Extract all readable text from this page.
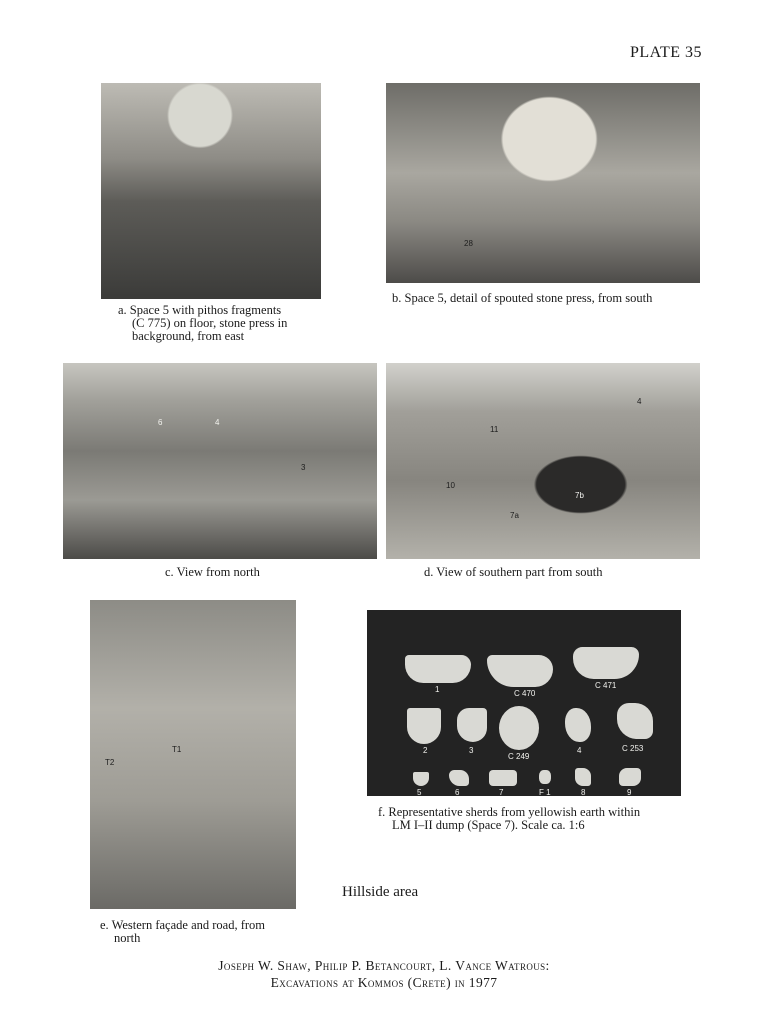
PLATE 35
a. Space 5 with pithos fragments
(C 775) on floor, stone press in
background, from east
28
b. Space 5, detail of spouted stone press, from south
6	4
3
c. View from north
11
4
10
7b
7a
d. View of southern part from south
T2
T1
e. Western façade and road, from
north
1	C 470
C 471
2	3
C 249
4	C 253
5	6	7	F 1	8	9
f. Representative sherds from yellowish earth within
LM I–II dump (Space 7). Scale ca. 1:6
Hillside area
Joseph W. Shaw, Philip P. Betancourt, L. Vance Watrous:
Excavations at Kommos (Crete) in 1977
